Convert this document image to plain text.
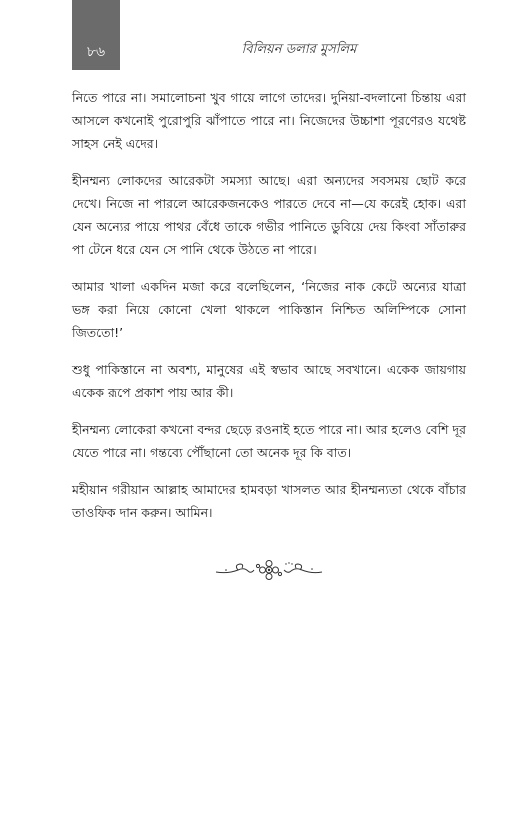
৮৬	বিলিয়ন ডলার মুসলিম

নিতে পারে না। সমালোচনা খুব গায়ে লাগে তাদের। দুনিয়া-বদলানো চিন্তায় এরা আসলে কখনোই পুরোপুরি ঝাঁপাতে পারে না। নিজেদের উচ্চাশা পূরণেরও যথেষ্ট সাহস নেই এদের।

হীনম্মন্য লোকদের আরেকটা সমস্যা আছে। এরা অন্যদের সবসময় ছোট করে দেখে। নিজে না পারলে আরেকজনকেও পারতে দেবে না—যে করেই হোক। এরা যেন অন্যের পায়ে পাথর বেঁধে তাকে গভীর পানিতে ডুবিয়ে দেয় কিংবা সাঁতারুর পা টেনে ধরে যেন সে পানি থেকে উঠতে না পারে।

আমার খালা একদিন মজা করে বলেছিলেন, ‘নিজের নাক কেটে অন্যের যাত্রা ভঙ্গ করা নিয়ে কোনো খেলা থাকলে পাকিস্তান নিশ্চিত অলিম্পিকে সোনা জিততো!’

শুধু পাকিস্তানে না অবশ্য, মানুষের এই স্বভাব আছে সবখানে। একেক জায়গায় একেক রূপে প্রকাশ পায় আর কী।

হীনম্মন্য লোকেরা কখনো বন্দর ছেড়ে রওনাই হতে পারে না। আর হলেও বেশি দূর যেতে পারে না। গন্তব্যে পৌঁছানো তো অনেক দূর কি বাত।

মহীয়ান গরীয়ান আল্লাহ আমাদের হামবড়া খাসলত আর হীনম্মন্যতা থেকে বাঁচার তাওফিক দান করুন। আমিন।
